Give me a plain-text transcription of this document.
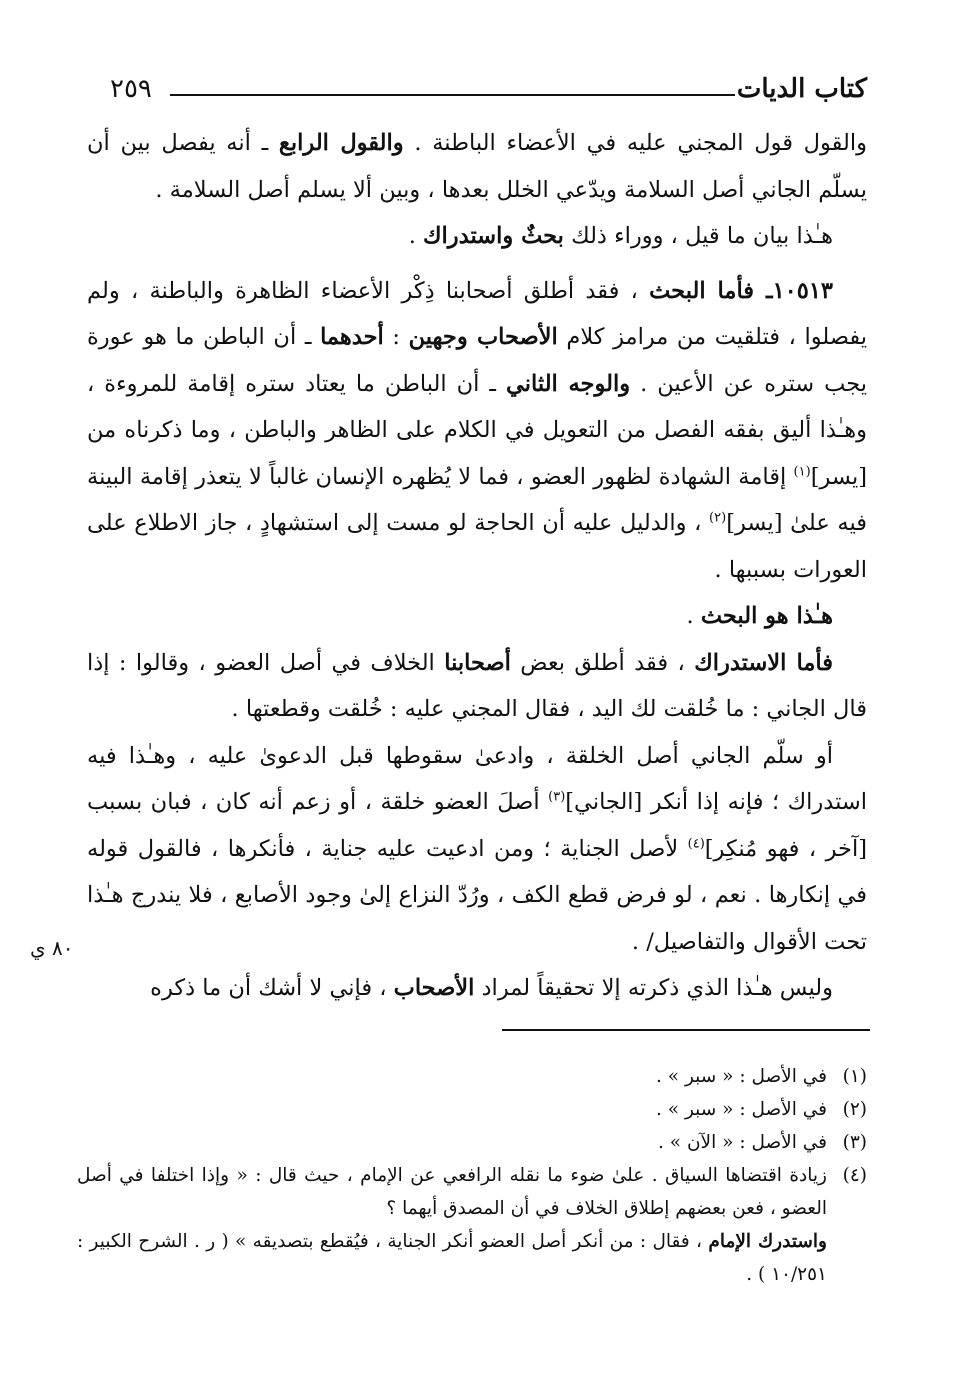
كتاب الديات
٢٥٩

والقول قول المجني عليه في الأعضاء الباطنة . والقول الرابع ـ أنه يفصل بين أن يسلّم الجاني أصل السلامة ويدّعي الخلل بعدها ، وبين ألا يسلم أصل السلامة .

هـٰذا بيان ما قيل ، ووراء ذلك بحثٌ واستدراك .

١٠٥١٣ـ فأما البحث ، فقد أطلق أصحابنا ذِكْر الأعضاء الظاهرة والباطنة ، ولم يفصلوا ، فتلقيت من مرامز كلام الأصحاب وجهين : أحدهما ـ أن الباطن ما هو عورة يجب ستره عن الأعين . والوجه الثاني ـ أن الباطن ما يعتاد ستره إقامة للمروءة ، وهـٰذا أليق بفقه الفصل من التعويل في الكلام على الظاهر والباطن ، وما ذكرناه من [يسر]$^{(١)}$ إقامة الشهادة لظهور العضو ، فما لا يُظهره الإنسان غالباً لا يتعذر إقامة البينة فيه علىٰ [يسر]$^{(٢)}$ ، والدليل عليه أن الحاجة لو مست إلى استشهادٍ ، جاز الاطلاع على العورات بسببها .

هـٰذا هو البحث .

فأما الاستدراك ، فقد أطلق بعض أصحابنا الخلاف في أصل العضو ، وقالوا : إذا قال الجاني : ما خُلقت لك اليد ، فقال المجني عليه : خُلقت وقطعتها .

أو سلّم الجاني أصل الخلقة ، وادعىٰ سقوطها قبل الدعوىٰ عليه ، وهـٰذا فيه استدراك ؛ فإنه إذا أنكر [الجاني]$^{(٣)}$ أصلَ العضو خلقة ، أو زعم أنه كان ، فبان بسبب [آخر ، فهو مُنكِر]$^{(٤)}$ لأصل الجناية ؛ ومن ادعيت عليه جناية ، فأنكرها ، فالقول قوله في إنكارها . نعم ، لو فرض قطع الكف ، ورُدّ النزاع إلىٰ وجود الأصابع ، فلا يندرج هـٰذا تحت الأقوال والتفاصيل/ .

وليس هـٰذا الذي ذكرته إلا تحقيقاً لمراد الأصحاب ، فإني لا أشك أن ما ذكره

٨٠ ي
(١)
في الأصل : « سبر » .
(٢)
في الأصل : « سبر » .
(٣)
في الأصل : « الآن » .
(٤)
زيادة اقتضاها السياق . علىٰ ضوء ما نقله الرافعي عن الإمام ، حيث قال : « وإذا اختلفا في أصل العضو ، فعن بعضهم إطلاق الخلاف في أن المصدق أيهما ؟
واستدرك الإمام ، فقال : من أنكر أصل العضو أنكر الجناية ، فيُقطع بتصديقه » ( ر . الشرح الكبير : ١٠/٢٥١ ) .
